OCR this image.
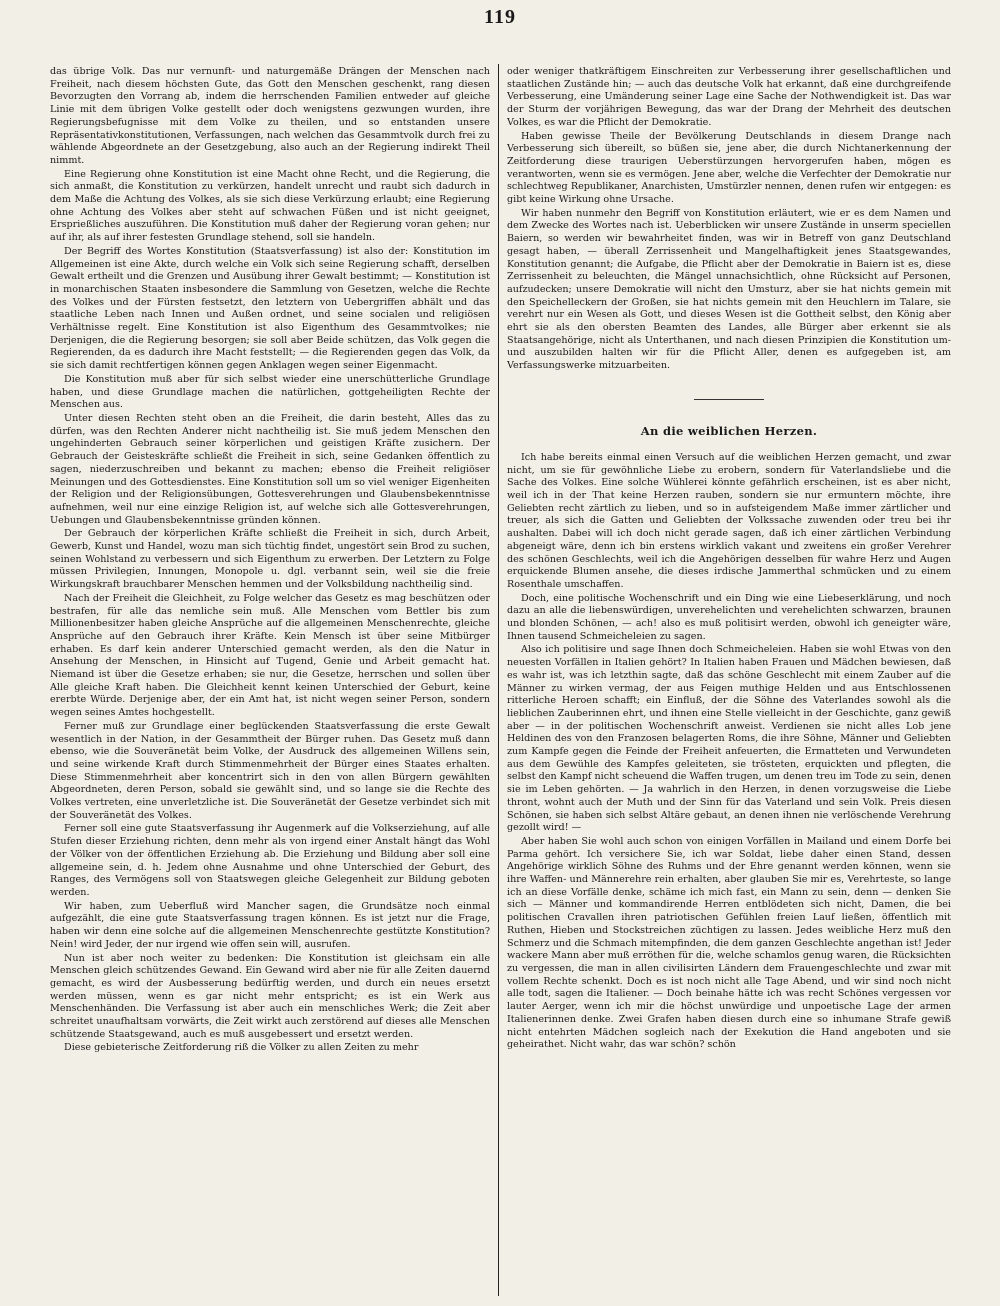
119

das übrige Volk. Das nur vernunft- und naturgemäße Drängen der Menschen nach Freiheit, nach diesem höchsten Gute, das Gott den Menschen geschenkt, rang diesen Bevorzugten den Vorrang ab, indem die herrschenden Familien entweder auf gleiche Linie mit dem übrigen Volke gestellt oder doch wenigstens gezwungen wurden, ihre Regierungsbefugnisse mit dem Volke zu theilen, und so entstanden unsere Repräsentativkonstitutionen, Verfassungen, nach welchen das Gesammtvolk durch frei zu wählende Abgeordnete an der Gesetzgebung, also auch an der Regierung indirekt Theil nimmt.

Eine Regierung ohne Konstitution ist eine Macht ohne Recht, und die Regierung, die sich anmaßt, die Konstitution zu verkürzen, handelt unrecht und raubt sich dadurch in dem Maße die Achtung des Volkes, als sie sich diese Verkürzung erlaubt; eine Regierung ohne Achtung des Volkes aber steht auf schwachen Füßen und ist nicht geeignet, Ersprießliches auszuführen. Die Konstitution muß daher der Regierung voran gehen; nur auf ihr, als auf ihrer festesten Grundlage stehend, soll sie handeln.

Der Begriff des Wortes Konstitution (Staatsverfassung) ist also der: Konstitution im Allgemeinen ist eine Akte, durch welche ein Volk sich seine Regierung schafft, derselben Gewalt ertheilt und die Grenzen und Ausübung ihrer Gewalt bestimmt; — Konstitution ist in monarchischen Staaten insbesondere die Sammlung von Gesetzen, welche die Rechte des Volkes und der Fürsten festsetzt, den letztern von Uebergriffen abhält und das staatliche Leben nach Innen und Außen ordnet, und seine socialen und religiösen Verhältnisse regelt. Eine Konstitution ist also Eigenthum des Gesammtvolkes; nie Derjenigen, die die Regierung besorgen; sie soll aber Beide schützen, das Volk gegen die Regierenden, da es dadurch ihre Macht feststellt; — die Regierenden gegen das Volk, da sie sich damit rechtfertigen können gegen Anklagen wegen seiner Eigenmacht.

Die Konstitution muß aber für sich selbst wieder eine unerschütterliche Grundlage haben, und diese Grundlage machen die natürlichen, gottgeheiligten Rechte der Menschen aus.

Unter diesen Rechten steht oben an die Freiheit, die darin besteht, Alles das zu dürfen, was den Rechten Anderer nicht nachtheilig ist. Sie muß jedem Menschen den ungehinderten Gebrauch seiner körperlichen und geistigen Kräfte zusichern. Der Gebrauch der Geisteskräfte schließt die Freiheit in sich, seine Gedanken öffentlich zu sagen, niederzuschreiben und bekannt zu machen; ebenso die Freiheit religiöser Meinungen und des Gottesdienstes. Eine Konstitution soll um so viel weniger Eigenheiten der Religion und der Religionsübungen, Gottesverehrungen und Glaubensbekenntnisse aufnehmen, weil nur eine einzige Religion ist, auf welche sich alle Gottesverehrungen, Uebungen und Glaubensbekenntnisse gründen können.

Der Gebrauch der körperlichen Kräfte schließt die Freiheit in sich, durch Arbeit, Gewerb, Kunst und Handel, wozu man sich tüchtig findet, ungestört sein Brod zu suchen, seinen Wohlstand zu verbessern und sich Eigenthum zu erwerben. Der Letztern zu Folge müssen Privilegien, Innungen, Monopole u. dgl. verbannt sein, weil sie die freie Wirkungskraft brauchbarer Menschen hemmen und der Volksbildung nachtheilig sind.

Nach der Freiheit die Gleichheit, zu Folge welcher das Gesetz es mag beschützen oder bestrafen, für alle das nemliche sein muß. Alle Menschen vom Bettler bis zum Millionenbesitzer haben gleiche Ansprüche auf die allgemeinen Menschenrechte, gleiche Ansprüche auf den Gebrauch ihrer Kräfte. Kein Mensch ist über seine Mitbürger erhaben. Es darf kein anderer Unterschied gemacht werden, als den die Natur in Ansehung der Menschen, in Hinsicht auf Tugend, Genie und Arbeit gemacht hat. Niemand ist über die Gesetze erhaben; sie nur, die Gesetze, herrschen und sollen über Alle gleiche Kraft haben. Die Gleichheit kennt keinen Unterschied der Geburt, keine ererbte Würde. Derjenige aber, der ein Amt hat, ist nicht wegen seiner Person, sondern wegen seines Amtes hochgestellt.

Ferner muß zur Grundlage einer beglückenden Staatsverfassung die erste Gewalt wesentlich in der Nation, in der Gesammtheit der Bürger ruhen. Das Gesetz muß dann ebenso, wie die Souveränetät beim Volke, der Ausdruck des allgemeinen Willens sein, und seine wirkende Kraft durch Stimmenmehrheit der Bürger eines Staates erhalten. Diese Stimmenmehrheit aber koncentrirt sich in den von allen Bürgern gewählten Abgeordneten, deren Person, sobald sie gewählt sind, und so lange sie die Rechte des Volkes vertreten, eine unverletzliche ist. Die Souveränetät der Gesetze verbindet sich mit der Souveränetät des Volkes.

Ferner soll eine gute Staatsverfassung ihr Augenmerk auf die Volkserziehung, auf alle Stufen dieser Erziehung richten, denn mehr als von irgend einer Anstalt hängt das Wohl der Völker von der öffentlichen Erziehung ab. Die Erziehung und Bildung aber soll eine allgemeine sein, d. h. Jedem ohne Ausnahme und ohne Unterschied der Geburt, des Ranges, des Vermögens soll von Staatswegen gleiche Gelegenheit zur Bildung geboten werden.

Wir haben, zum Ueberfluß wird Mancher sagen, die Grundsätze noch einmal aufgezählt, die eine gute Staatsverfassung tragen können. Es ist jetzt nur die Frage, haben wir denn eine solche auf die allgemeinen Menschenrechte gestützte Konstitution? Nein! wird Jeder, der nur irgend wie offen sein will, ausrufen.

Nun ist aber noch weiter zu bedenken: Die Konstitution ist gleichsam ein alle Menschen gleich schützendes Gewand. Ein Gewand wird aber nie für alle Zeiten dauernd gemacht, es wird der Ausbesserung bedürftig werden, und durch ein neues ersetzt werden müssen, wenn es gar nicht mehr entspricht; es ist ein Werk aus Menschenhänden. Die Verfassung ist aber auch ein menschliches Werk; die Zeit aber schreitet unaufhaltsam vorwärts, die Zeit wirkt auch zerstörend auf dieses alle Menschen schützende Staatsgewand, auch es muß ausgebessert und ersetzt werden.

Diese gebieterische Zeitforderung riß die Völker zu allen Zeiten zu mehr

oder weniger thatkräftigem Einschreiten zur Verbesserung ihrer gesellschaftlichen und staatlichen Zustände hin; — auch das deutsche Volk hat erkannt, daß eine durchgreifende Verbesserung, eine Umänderung seiner Lage eine Sache der Nothwendigkeit ist. Das war der Sturm der vorjährigen Bewegung, das war der Drang der Mehrheit des deutschen Volkes, es war die Pflicht der Demokratie.

Haben gewisse Theile der Bevölkerung Deutschlands in diesem Drange nach Verbesserung sich übereilt, so büßen sie, jene aber, die durch Nichtanerkennung der Zeitforderung diese traurigen Ueberstürzungen hervorgerufen haben, mögen es verantworten, wenn sie es vermögen. Jene aber, welche die Verfechter der Demokratie nur schlechtweg Republikaner, Anarchisten, Umstürzler nennen, denen rufen wir entgegen: es gibt keine Wirkung ohne Ursache.

Wir haben nunmehr den Begriff von Konstitution erläutert, wie er es dem Namen und dem Zwecke des Wortes nach ist. Ueberblicken wir unsere Zustände in unserm speciellen Baiern, so werden wir bewahrheitet finden, was wir in Betreff von ganz Deutschland gesagt haben, — überall Zerrissenheit und Mangelhaftigkeit jenes Staatsgewandes, Konstitution genannt; die Aufgabe, die Pflicht aber der Demokratie in Baiern ist es, diese Zerrissenheit zu beleuchten, die Mängel unnachsichtlich, ohne Rücksicht auf Personen, aufzudecken; unsere Demokratie will nicht den Umsturz, aber sie hat nichts gemein mit den Speichelleckern der Großen, sie hat nichts gemein mit den Heuchlern im Talare, sie verehrt nur ein Wesen als Gott, und dieses Wesen ist die Gottheit selbst, den König aber ehrt sie als den obersten Beamten des Landes, alle Bürger aber erkennt sie als Staatsangehörige, nicht als Unterthanen, und nach diesen Prinzipien die Konstitution um- und auszubilden halten wir für die Pflicht Aller, denen es aufgegeben ist, am Verfassungswerke mitzuarbeiten.

An die weiblichen Herzen.

Ich habe bereits einmal einen Versuch auf die weiblichen Herzen gemacht, und zwar nicht, um sie für gewöhnliche Liebe zu erobern, sondern für Vaterlandsliebe und die Sache des Volkes. Eine solche Wühlerei könnte gefährlich erscheinen, ist es aber nicht, weil ich in der That keine Herzen rauben, sondern sie nur ermuntern möchte, ihre Geliebten recht zärtlich zu lieben, und so in aufsteigendem Maße immer zärtlicher und treuer, als sich die Gatten und Geliebten der Volkssache zuwenden oder treu bei ihr aushalten. Dabei will ich doch nicht gerade sagen, daß ich einer zärtlichen Verbindung abgeneigt wäre, denn ich bin erstens wirklich vakant und zweitens ein großer Verehrer des schönen Geschlechts, weil ich die Angehörigen desselben für wahre Herz und Augen erquickende Blumen ansehe, die dieses irdische Jammerthal schmücken und zu einem Rosenthale umschaffen.

Doch, eine politische Wochenschrift und ein Ding wie eine Liebeserklärung, und noch dazu an alle die liebenswürdigen, unverehelichten und verehelichten schwarzen, braunen und blonden Schönen, — ach! also es muß politisirt werden, obwohl ich geneigter wäre, Ihnen tausend Schmeicheleien zu sagen.

Also ich politisire und sage Ihnen doch Schmeicheleien. Haben sie wohl Etwas von den neuesten Vorfällen in Italien gehört? In Italien haben Frauen und Mädchen bewiesen, daß es wahr ist, was ich letzthin sagte, daß das schöne Geschlecht mit einem Zauber auf die Männer zu wirken vermag, der aus Feigen muthige Helden und aus Entschlossenen ritterliche Heroen schafft; ein Einfluß, der die Söhne des Vaterlandes sowohl als die lieblichen Zauberinnen ehrt, und ihnen eine Stelle vielleicht in der Geschichte, ganz gewiß aber — in der politischen Wochenschrift anweist. Verdienen sie nicht alles Lob jene Heldinen des von den Franzosen belagerten Roms, die ihre Söhne, Männer und Geliebten zum Kampfe gegen die Feinde der Freiheit anfeuerten, die Ermatteten und Verwundeten aus dem Gewühle des Kampfes geleiteten, sie trösteten, erquickten und pflegten, die selbst den Kampf nicht scheuend die Waffen trugen, um denen treu im Tode zu sein, denen sie im Leben gehörten. — Ja wahrlich in den Herzen, in denen vorzugsweise die Liebe thront, wohnt auch der Muth und der Sinn für das Vaterland und sein Volk. Preis diesen Schönen, sie haben sich selbst Altäre gebaut, an denen ihnen nie verlöschende Verehrung gezollt wird! —

Aber haben Sie wohl auch schon von einigen Vorfällen in Mailand und einem Dorfe bei Parma gehört. Ich versichere Sie, ich war Soldat, liebe daher einen Stand, dessen Angehörige wirklich Söhne des Ruhms und der Ehre genannt werden können, wenn sie ihre Waffen- und Männerehre rein erhalten, aber glauben Sie mir es, Verehrteste, so lange ich an diese Vorfälle denke, schäme ich mich fast, ein Mann zu sein, denn — denken Sie sich — Männer und kommandirende Herren entblödeten sich nicht, Damen, die bei politischen Cravallen ihren patriotischen Gefühlen freien Lauf ließen, öffentlich mit Ruthen, Hieben und Stockstreichen züchtigen zu lassen. Jedes weibliche Herz muß den Schmerz und die Schmach mitempfinden, die dem ganzen Geschlechte angethan ist! Jeder wackere Mann aber muß erröthen für die, welche schamlos genug waren, die Rücksichten zu vergessen, die man in allen civilisirten Ländern dem Frauengeschlechte und zwar mit vollem Rechte schenkt. Doch es ist noch nicht alle Tage Abend, und wir sind noch nicht alle todt, sagen die Italiener. — Doch beinahe hätte ich was recht Schönes vergessen vor lauter Aerger, wenn ich mir die höchst unwürdige und unpoetische Lage der armen Italienerinnen denke. Zwei Grafen haben diesen durch eine so inhumane Strafe gewiß nicht entehrten Mädchen sogleich nach der Exekution die Hand angeboten und sie geheirathet. Nicht wahr, das war schön? schön
